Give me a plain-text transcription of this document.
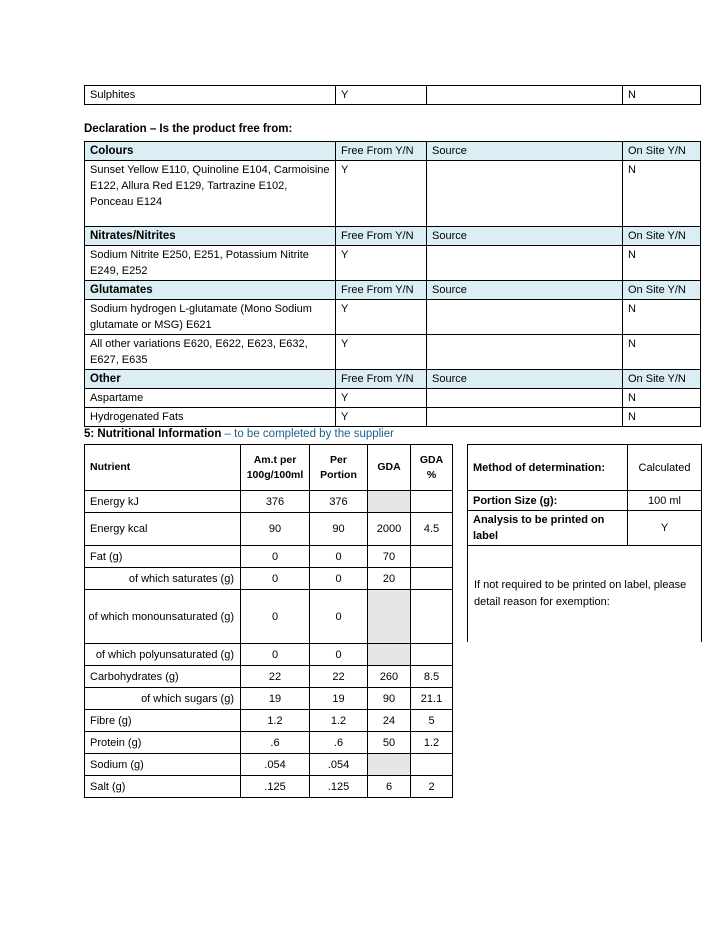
Sulphites	Y		N
Declaration – Is the product free from:
Colours	Free From Y/N	Source	On Site Y/N
Sunset Yellow E110, Quinoline E104, Carmoisine E122, Allura Red E129, Tartrazine E102, Ponceau E124	Y		N
Nitrates/Nitrites	Free From Y/N	Source	On Site Y/N
Sodium Nitrite E250, E251, Potassium Nitrite E249, E252	Y		N
Glutamates	Free From Y/N	Source	On Site Y/N
Sodium hydrogen L-glutamate (Mono Sodium glutamate or MSG) E621	Y		N
All other variations E620, E622, E623, E632, E627, E635	Y		N
Other	Free From Y/N	Source	On Site Y/N
Aspartame	Y		N
Hydrogenated Fats	Y		N
5: Nutritional Information – to be completed by the supplier
Nutrient	Am.t per 100g/100ml	Per Portion	GDA	GDA %
Energy kJ	376	376		
Energy kcal	90	90	2000	4.5
Fat (g)	0	0	70	
of which saturates (g)	0	0	20	
of which monounsaturated (g)	0	0		
of which polyunsaturated (g)	0	0		
Carbohydrates (g)	22	22	260	8.5
of which sugars (g)	19	19	90	21.1
Fibre (g)	1.2	1.2	24	5
Protein (g)	.6	.6	50	1.2
Sodium (g)	.054	.054		
Salt (g)	.125	.125	6	2
Method of determination:	Calculated
Portion Size (g):	100 ml
Analysis to be printed on label	Y
If not required to be printed on label, please detail reason for exemption:	
